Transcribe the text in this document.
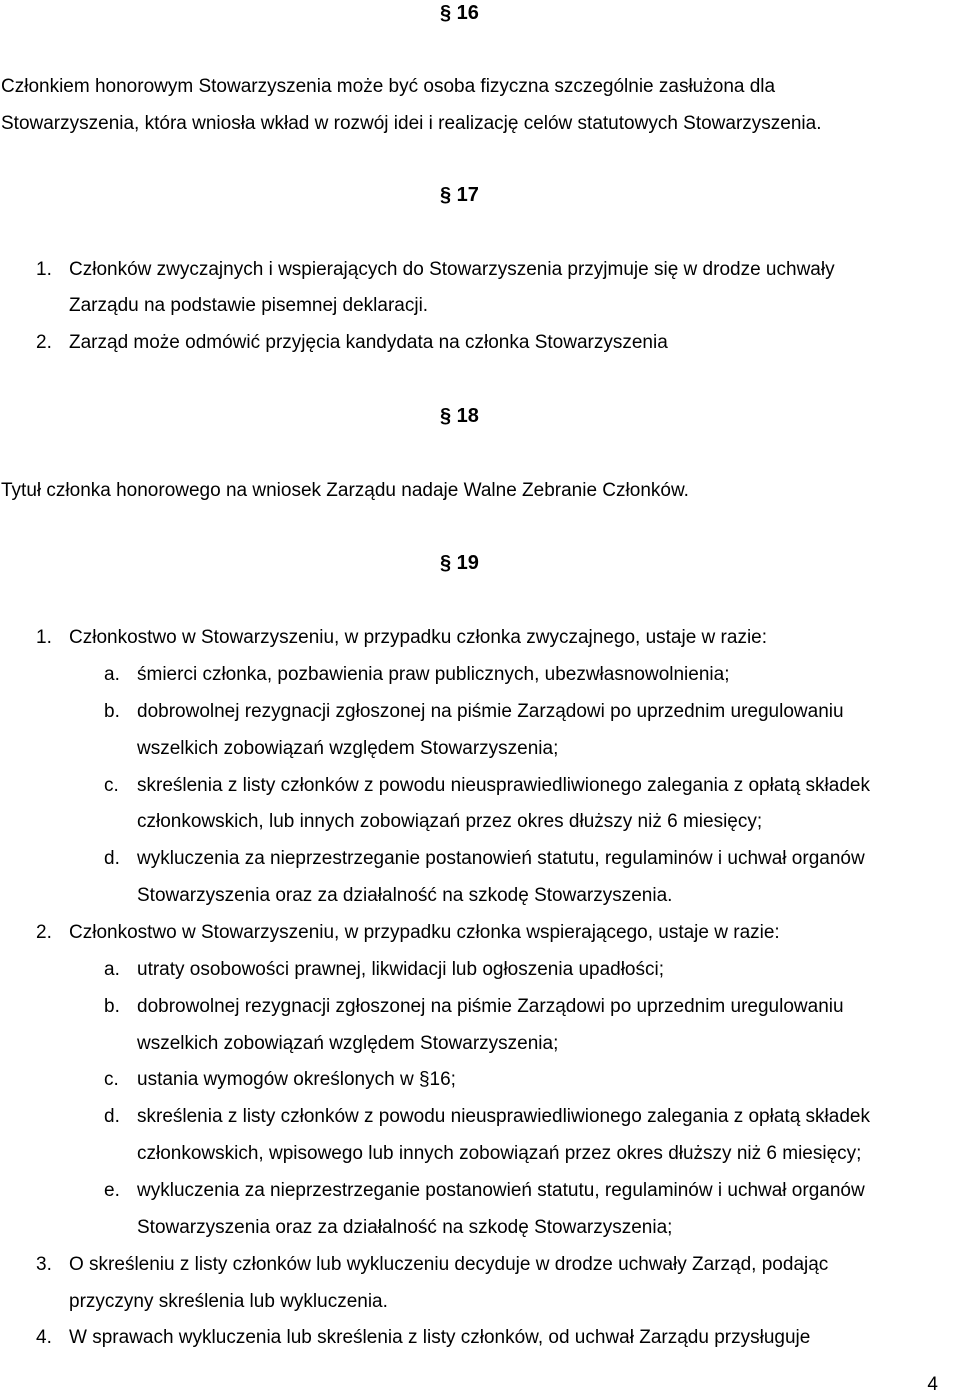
§ 16
Członkiem honorowym Stowarzyszenia może być osoba fizyczna szczególnie zasłużona dla
Stowarzyszenia, która wniosła wkład w rozwój idei i realizację celów statutowych Stowarzyszenia.
§ 17
1. Członków zwyczajnych i wspierających do Stowarzyszenia przyjmuje się w drodze uchwały
Zarządu na podstawie pisemnej deklaracji.
2. Zarząd może odmówić przyjęcia kandydata na członka Stowarzyszenia
§ 18
Tytuł członka honorowego na wniosek Zarządu nadaje Walne Zebranie Członków.
§ 19
1. Członkostwo w Stowarzyszeniu, w przypadku członka zwyczajnego, ustaje w razie:
a. śmierci członka, pozbawienia praw publicznych, ubezwłasnowolnienia;
b. dobrowolnej rezygnacji zgłoszonej na piśmie Zarządowi po uprzednim uregulowaniu
wszelkich zobowiązań względem Stowarzyszenia;
c. skreślenia z listy członków z powodu nieusprawiedliwionego zalegania z opłatą składek
członkowskich, lub innych zobowiązań przez okres dłuższy niż 6 miesięcy;
d. wykluczenia za nieprzestrzeganie postanowień statutu, regulaminów i uchwał organów
Stowarzyszenia oraz za działalność na szkodę Stowarzyszenia.
2. Członkostwo w Stowarzyszeniu, w przypadku członka wspierającego, ustaje w razie:
a. utraty osobowości prawnej, likwidacji lub ogłoszenia upadłości;
b. dobrowolnej rezygnacji zgłoszonej na piśmie Zarządowi po uprzednim uregulowaniu
wszelkich zobowiązań względem Stowarzyszenia;
c. ustania wymogów określonych w §16;
d. skreślenia z listy członków z powodu nieusprawiedliwionego zalegania z opłatą składek
członkowskich, wpisowego lub innych zobowiązań przez okres dłuższy niż 6 miesięcy;
e. wykluczenia za nieprzestrzeganie postanowień statutu, regulaminów i uchwał organów
Stowarzyszenia oraz za działalność na szkodę Stowarzyszenia;
3. O skreśleniu z listy członków lub wykluczeniu decyduje w drodze uchwały Zarząd, podając
przyczyny skreślenia lub wykluczenia.
4. W sprawach wykluczenia lub skreślenia z listy członków, od uchwał Zarządu przysługuje
4
